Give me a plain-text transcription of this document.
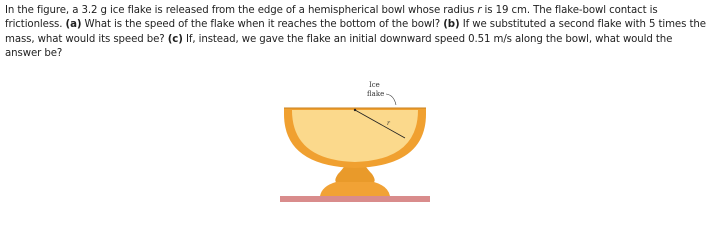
In the figure, a 3.2 g ice flake is released from the edge of a hemispherical bowl whose radius r is 19 cm. The flake-bowl contact is frictionless. (a) What is the speed of the flake when it reaches the bottom of the bowl? (b) If we substituted a second flake with 5 times the mass, what would its speed be? (c) If, instead, we gave the flake an initial downward speed 0.51 m/s along the bowl, what would the answer be?

r
Ice
flake
